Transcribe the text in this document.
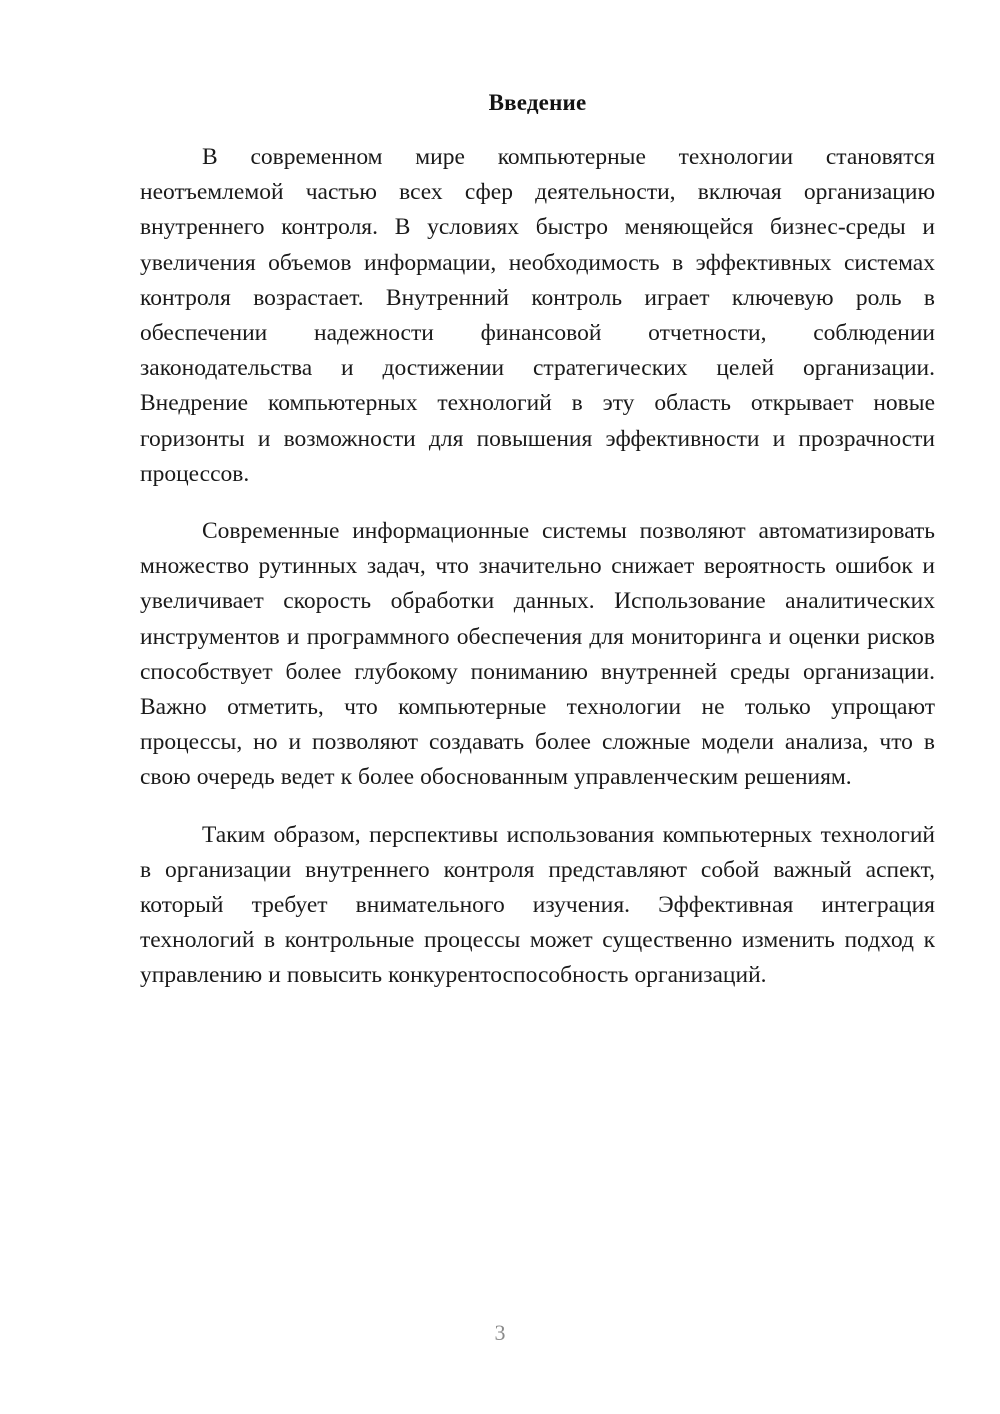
Введение

В современном мире компьютерные технологии становятся неотъемлемой частью всех сфер деятельности, включая организацию внутреннего контроля. В условиях быстро меняющейся бизнес-среды и увеличения объемов информации, необходимость в эффективных системах контроля возрастает. Внутренний контроль играет ключевую роль в обеспечении надежности финансовой отчетности, соблюдении законодательства и достижении стратегических целей организации. Внедрение компьютерных технологий в эту область открывает новые горизонты и возможности для повышения эффективности и прозрачности процессов.

Современные информационные системы позволяют автоматизировать множество рутинных задач, что значительно снижает вероятность ошибок и увеличивает скорость обработки данных. Использование аналитических инструментов и программного обеспечения для мониторинга и оценки рисков способствует более глубокому пониманию внутренней среды организации. Важно отметить, что компьютерные технологии не только упрощают процессы, но и позволяют создавать более сложные модели анализа, что в свою очередь ведет к более обоснованным управленческим решениям.

Таким образом, перспективы использования компьютерных технологий в организации внутреннего контроля представляют собой важный аспект, который требует внимательного изучения. Эффективная интеграция технологий в контрольные процессы может существенно изменить подход к управлению и повысить конкурентоспособность организаций.

3
